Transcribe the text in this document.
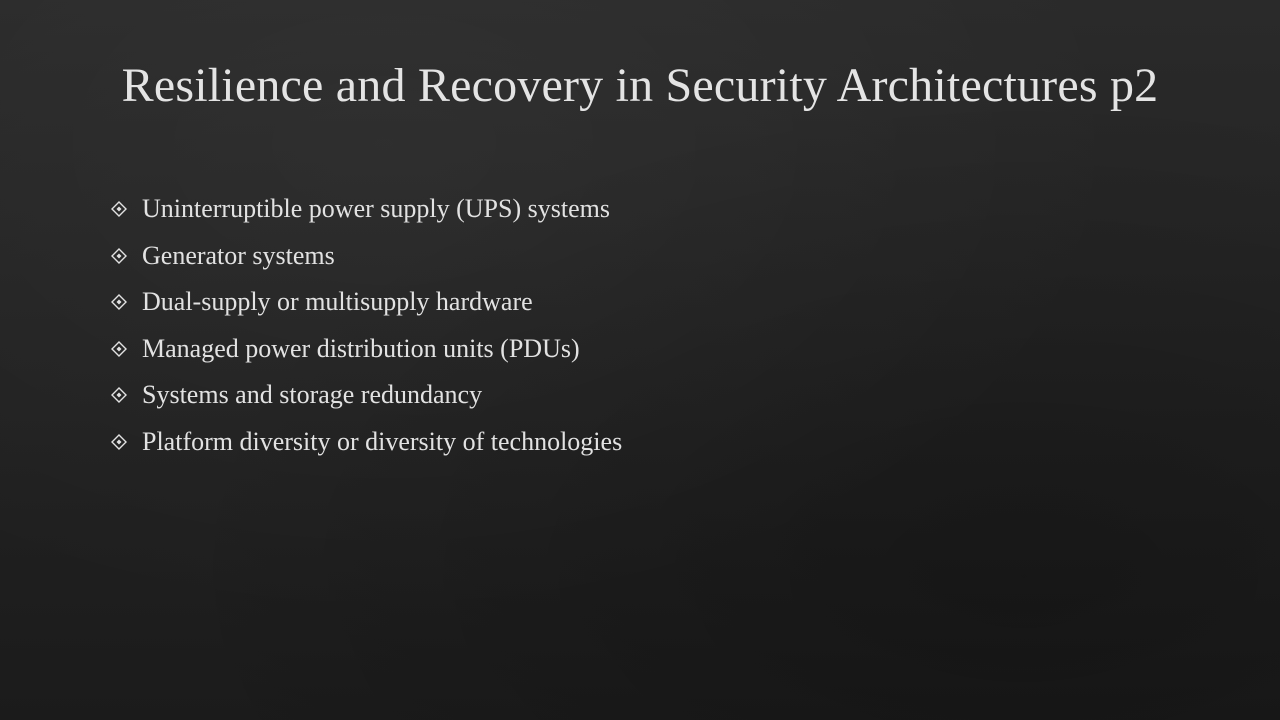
Resilience and Recovery in Security Architectures p2
Uninterruptible power supply (UPS) systems
Generator systems
Dual-supply or multisupply hardware
Managed power distribution units (PDUs)
Systems and storage redundancy
Platform diversity or diversity of technologies
